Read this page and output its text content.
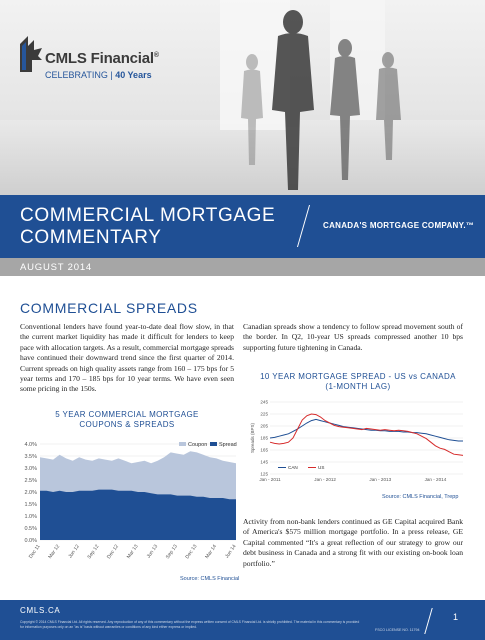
CMLS Financial®
CELEBRATING | 40 Years
COMMERCIAL MORTGAGE
COMMENTARY
CANADA'S MORTGAGE COMPANY.™
AUGUST 2014
COMMERCIAL SPREADS

Conventional lenders have found year-to-date deal flow slow, in that the current market liquidity has made it difficult for lenders to keep pace with allocation targets. As a result, commercial mortgage spreads have continued their downward trend since the first quarter of 2014. Current spreads on high quality assets range from 160 – 175 bps for 5 year terms and 170 – 185 bps for 10 year terms. We have even seen some pricing in the 150s.

Canadian spreads show a tendency to follow spread movement south of the border. In Q2, 10-year US spreads compressed another 10 bps supporting future tightening in Canada.

Activity from non-bank lenders continued as GE Capital acquired Bank of America's $575 million mortgage portfolio. In a press release, GE Capital commented “It's a great reflection of our strategy to grow our debt business in Canada and a strong fit with our existing on-book loan portfolio.”

5 YEAR COMMERCIAL MORTGAGE
COUPONS & SPREADS
0.0%
0.5%
1.0%
1.5%
2.0%
2.5%
3.0%
3.5%
4.0%
Dec 11 Mar 12 Jun 12 Sep 12 Dec 12 Mar 13 Jun 13 Sep 13 Dec 13 Mar 14 Jun 14
Coupon Spread
Source: CMLS Financial
10 YEAR MORTGAGE SPREAD - US vs CANADA
(1-MONTH LAG)
Spreads (BPS)
125
145
165
185
205
225
245
Jan - 2011	Jan - 2012	Jan - 2013	Jan - 2014
CAN	US
Source: CMLS Financial, Trepp
CMLS.CA
Copyright © 2014 CMLS Financial Ltd. All rights reserved. Any reproduction of any of this commentary without the express written consent of CMLS Financial Ltd. is strictly prohibited. The material in this commentary is provided for information purposes only on an "as is" basis without warranties or conditions of any kind either express or implied.
FSCO LICENSE NO. 11794
1
